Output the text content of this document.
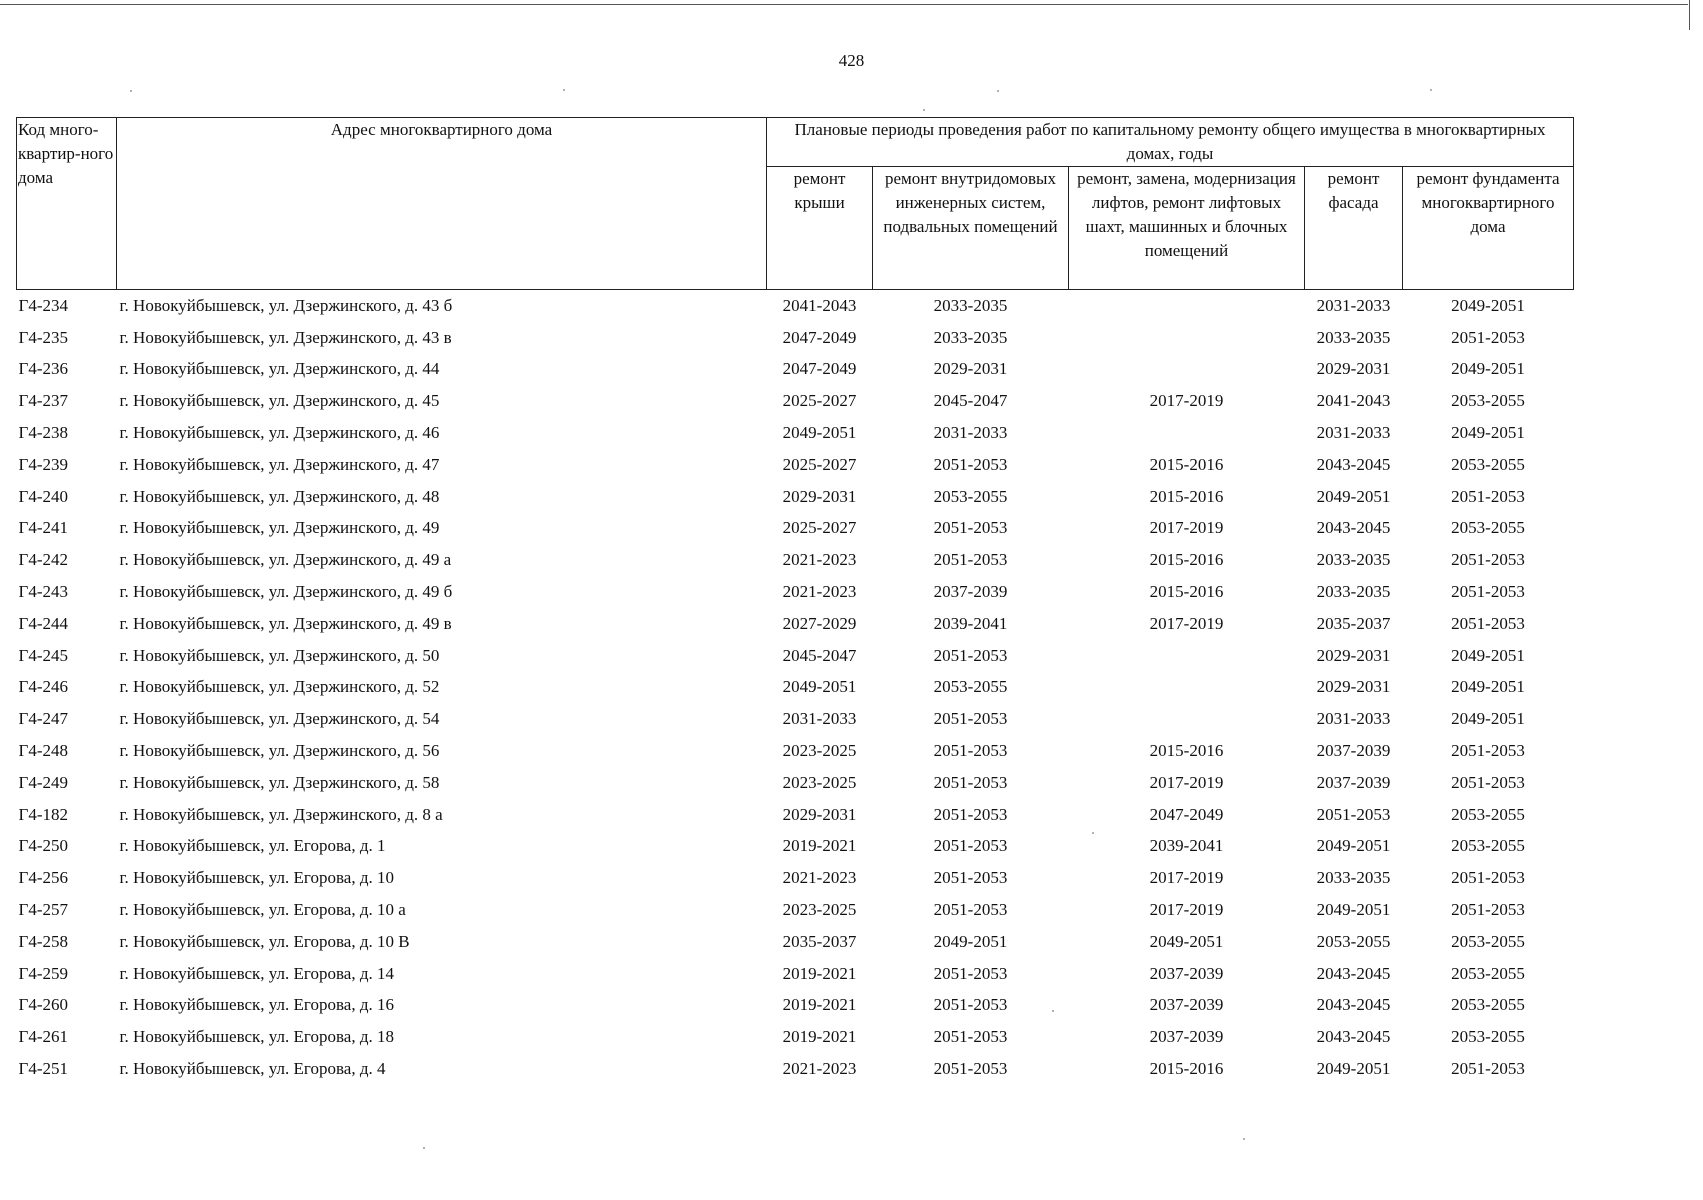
428
Код много-квартир-ного дома	Адрес многоквартирного дома	Плановые периоды проведения работ по капитальному ремонту общего имущества в многоквартирных домах, годы				
		ремонт крыши	ремонт внутридомовых инженерных систем, подвальных помещений	ремонт, замена, модернизация лифтов, ремонт лифтовых шахт, машинных и блочных помещений	ремонт фасада	ремонт фундамента многоквартирного дома
Г4-234	г. Новокуйбышевск, ул. Дзержинского, д. 43 б	2041-2043	2033-2035		2031-2033	2049-2051
Г4-235	г. Новокуйбышевск, ул. Дзержинского, д. 43 в	2047-2049	2033-2035		2033-2035	2051-2053
Г4-236	г. Новокуйбышевск, ул. Дзержинского, д. 44	2047-2049	2029-2031		2029-2031	2049-2051
Г4-237	г. Новокуйбышевск, ул. Дзержинского, д. 45	2025-2027	2045-2047	2017-2019	2041-2043	2053-2055
Г4-238	г. Новокуйбышевск, ул. Дзержинского, д. 46	2049-2051	2031-2033		2031-2033	2049-2051
Г4-239	г. Новокуйбышевск, ул. Дзержинского, д. 47	2025-2027	2051-2053	2015-2016	2043-2045	2053-2055
Г4-240	г. Новокуйбышевск, ул. Дзержинского, д. 48	2029-2031	2053-2055	2015-2016	2049-2051	2051-2053
Г4-241	г. Новокуйбышевск, ул. Дзержинского, д. 49	2025-2027	2051-2053	2017-2019	2043-2045	2053-2055
Г4-242	г. Новокуйбышевск, ул. Дзержинского, д. 49 а	2021-2023	2051-2053	2015-2016	2033-2035	2051-2053
Г4-243	г. Новокуйбышевск, ул. Дзержинского, д. 49 б	2021-2023	2037-2039	2015-2016	2033-2035	2051-2053
Г4-244	г. Новокуйбышевск, ул. Дзержинского, д. 49 в	2027-2029	2039-2041	2017-2019	2035-2037	2051-2053
Г4-245	г. Новокуйбышевск, ул. Дзержинского, д. 50	2045-2047	2051-2053		2029-2031	2049-2051
Г4-246	г. Новокуйбышевск, ул. Дзержинского, д. 52	2049-2051	2053-2055		2029-2031	2049-2051
Г4-247	г. Новокуйбышевск, ул. Дзержинского, д. 54	2031-2033	2051-2053		2031-2033	2049-2051
Г4-248	г. Новокуйбышевск, ул. Дзержинского, д. 56	2023-2025	2051-2053	2015-2016	2037-2039	2051-2053
Г4-249	г. Новокуйбышевск, ул. Дзержинского, д. 58	2023-2025	2051-2053	2017-2019	2037-2039	2051-2053
Г4-182	г. Новокуйбышевск, ул. Дзержинского, д. 8 а	2029-2031	2051-2053	2047-2049	2051-2053	2053-2055
Г4-250	г. Новокуйбышевск, ул. Егорова, д. 1	2019-2021	2051-2053	2039-2041	2049-2051	2053-2055
Г4-256	г. Новокуйбышевск, ул. Егорова, д. 10	2021-2023	2051-2053	2017-2019	2033-2035	2051-2053
Г4-257	г. Новокуйбышевск, ул. Егорова, д. 10 а	2023-2025	2051-2053	2017-2019	2049-2051	2051-2053
Г4-258	г. Новокуйбышевск, ул. Егорова, д. 10 В	2035-2037	2049-2051	2049-2051	2053-2055	2053-2055
Г4-259	г. Новокуйбышевск, ул. Егорова, д. 14	2019-2021	2051-2053	2037-2039	2043-2045	2053-2055
Г4-260	г. Новокуйбышевск, ул. Егорова, д. 16	2019-2021	2051-2053	2037-2039	2043-2045	2053-2055
Г4-261	г. Новокуйбышевск, ул. Егорова, д. 18	2019-2021	2051-2053	2037-2039	2043-2045	2053-2055
Г4-251	г. Новокуйбышевск, ул. Егорова, д. 4	2021-2023	2051-2053	2015-2016	2049-2051	2051-2053
